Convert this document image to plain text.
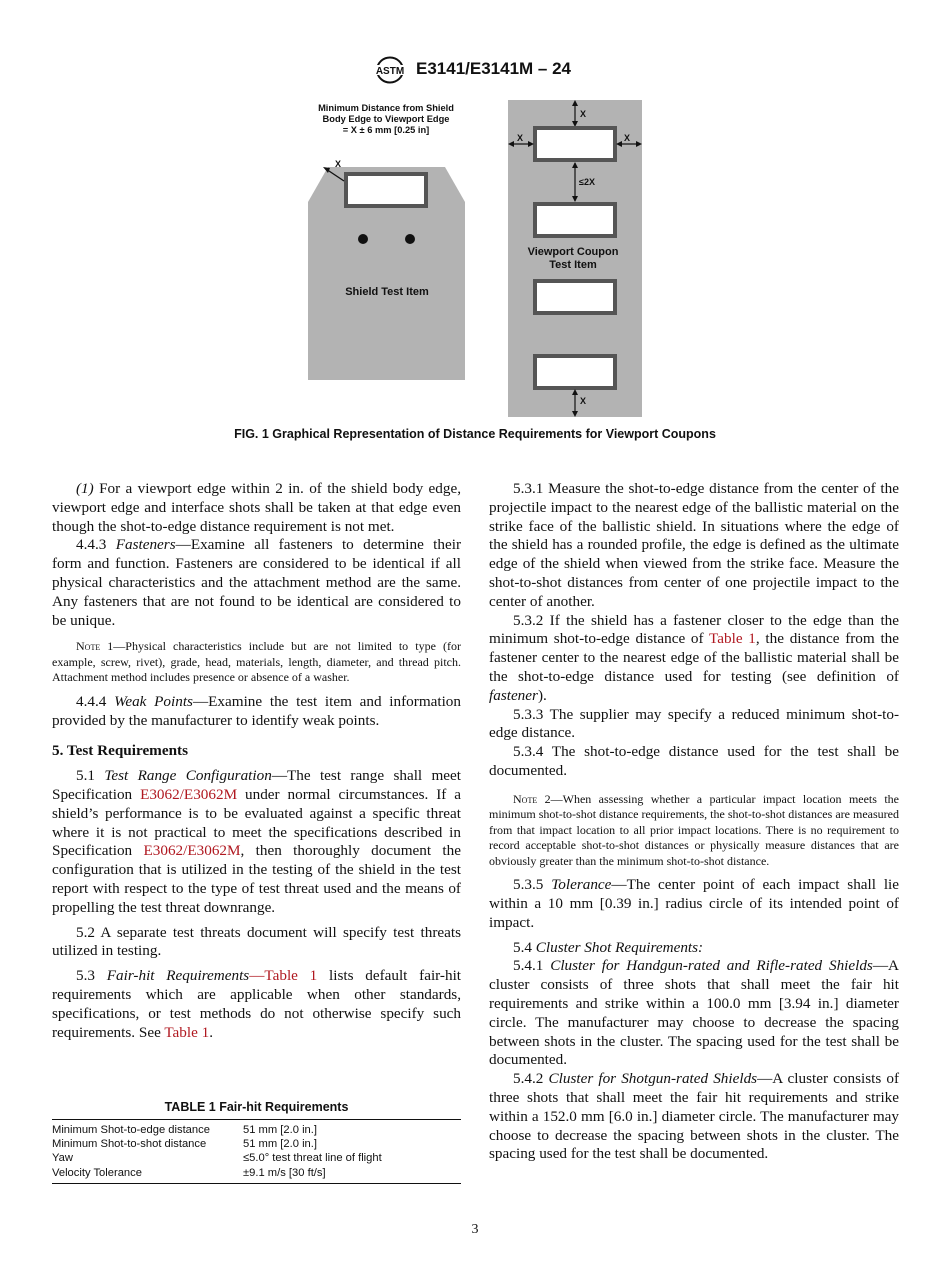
ASTM E3141/E3141M – 24
Minimum Distance from Shield
Body Edge to Viewport Edge
= X ± 6 mm [0.25 in]
X
Shield Test Item
X
X	X
≤2X
Viewport Coupon
Test Item
X
FIG. 1 Graphical Representation of Distance Requirements for Viewport Coupons

(1) For a viewport edge within 2 in. of the shield body edge, viewport edge and interface shots shall be taken at that edge even though the shot-to-edge distance requirement is not met.

4.4.3 Fasteners—Examine all fasteners to determine their form and function. Fasteners are considered to be identical if all physical characteristics and the attachment method are the same. Any fasteners that are not found to be identical are considered to be unique.

Note 1—Physical characteristics include but are not limited to type (for example, screw, rivet), grade, head, materials, length, diameter, and thread pitch. Attachment method includes presence or absence of a washer.

4.4.4 Weak Points—Examine the test item and information provided by the manufacturer to identify weak points.

5. Test Requirements

5.1 Test Range Configuration—The test range shall meet Specification E3062/E3062M under normal circumstances. If a shield’s performance is to be evaluated against a specific threat where it is not practical to meet the specifications described in Specification E3062/E3062M, then thoroughly document the configuration that is utilized in the testing of the shield in the test report with respect to the type of test threat used and the means of propelling the test threat downrange.

5.2 A separate test threats document will specify test threats utilized in testing.

5.3 Fair-hit Requirements—Table 1 lists default fair-hit requirements which are applicable when other standards, specifications, or test methods do not otherwise specify such requirements. See Table 1.

TABLE 1 Fair-hit Requirements
Minimum Shot-to-edge distance	51 mm [2.0 in.]
Minimum Shot-to-shot distance	51 mm [2.0 in.]
Yaw	≤5.0° test threat line of flight
Velocity Tolerance	±9.1 m/s [30 ft/s]

5.3.1 Measure the shot-to-edge distance from the center of the projectile impact to the nearest edge of the ballistic material on the strike face of the ballistic shield. In situations where the edge of the shield has a rounded profile, the edge is defined as the ultimate edge of the shield when viewed from the strike face. Measure the shot-to-shot distances from center of one projectile impact to the center of another.

5.3.2 If the shield has a fastener closer to the edge than the minimum shot-to-edge distance of Table 1, the distance from the fastener center to the nearest edge of the ballistic material shall be the shot-to-edge distance used for testing (see definition of fastener).

5.3.3 The supplier may specify a reduced minimum shot-to-edge distance.

5.3.4 The shot-to-edge distance used for the test shall be documented.

Note 2—When assessing whether a particular impact location meets the minimum shot-to-shot distance requirements, the shot-to-shot distances are measured from that impact location to all prior impact locations. There is no requirement to record acceptable shot-to-shot distances or physically measure distances that are obviously greater than the minimum shot-to-shot distance.

5.3.5 Tolerance—The center point of each impact shall lie within a 10 mm [0.39 in.] radius circle of its intended point of impact.

5.4 Cluster Shot Requirements:

5.4.1 Cluster for Handgun-rated and Rifle-rated Shields—A cluster consists of three shots that shall meet the fair hit requirements and strike within a 100.0 mm [3.94 in.] diameter circle. The manufacturer may choose to decrease the spacing between shots in the cluster. The spacing used for the test shall be documented.

5.4.2 Cluster for Shotgun-rated Shields—A cluster consists of three shots that shall meet the fair hit requirements and strike within a 152.0 mm [6.0 in.] diameter circle. The manufacturer may choose to decrease the spacing between shots in the cluster. The spacing used for the test shall be documented.

3
